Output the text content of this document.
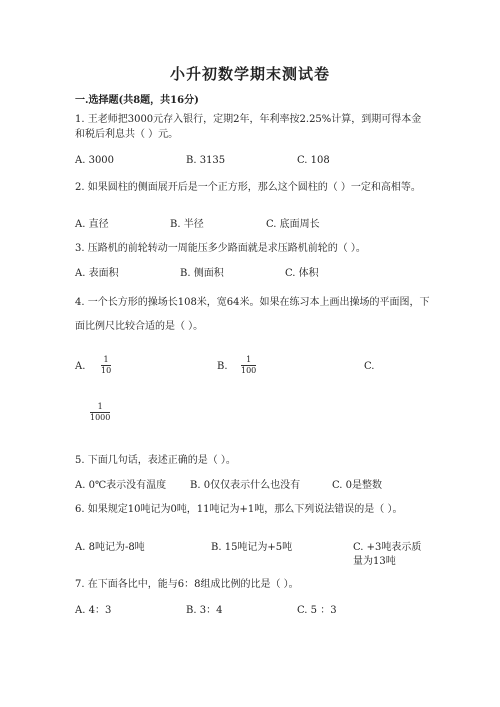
小升初数学期末测试卷
一.选择题(共8题，共16分)
1. 王老师把3000元存入银行，定期2年，年利率按2.25%计算，到期可得本金和税后利息共（ ）元。
A. 3000	B. 3135	C. 108
2. 如果圆柱的侧面展开后是一个正方形，那么这个圆柱的（ ）一定和高相等。
A. 直径	B. 半径	C. 底面周长
3. 压路机的前轮转动一周能压多少路面就是求压路机前轮的（ ）。
A. 表面积	B. 侧面积	C. 体积
4. 一个长方形的操场长108米，宽64米。如果在练习本上画出操场的平面图，下面比例尺比较合适的是（ ）。
A.
1
10	B.
1
100	C.
1
1000
5. 下面几句话，表述正确的是（ ）。
A. 0℃表示没有温度 B. 0仅仅表示什么也没有	C. 0是整数
6. 如果规定10吨记为0吨，11吨记为+1吨，那么下列说法错误的是（ ）。
A. 8吨记为-8吨	B. 15吨记为+5吨	C. +3吨表示质量为13吨
7. 在下面各比中，能与6：8组成比例的比是（ ）。
A. 4：3	B. 3：4	C. 5 ：3
